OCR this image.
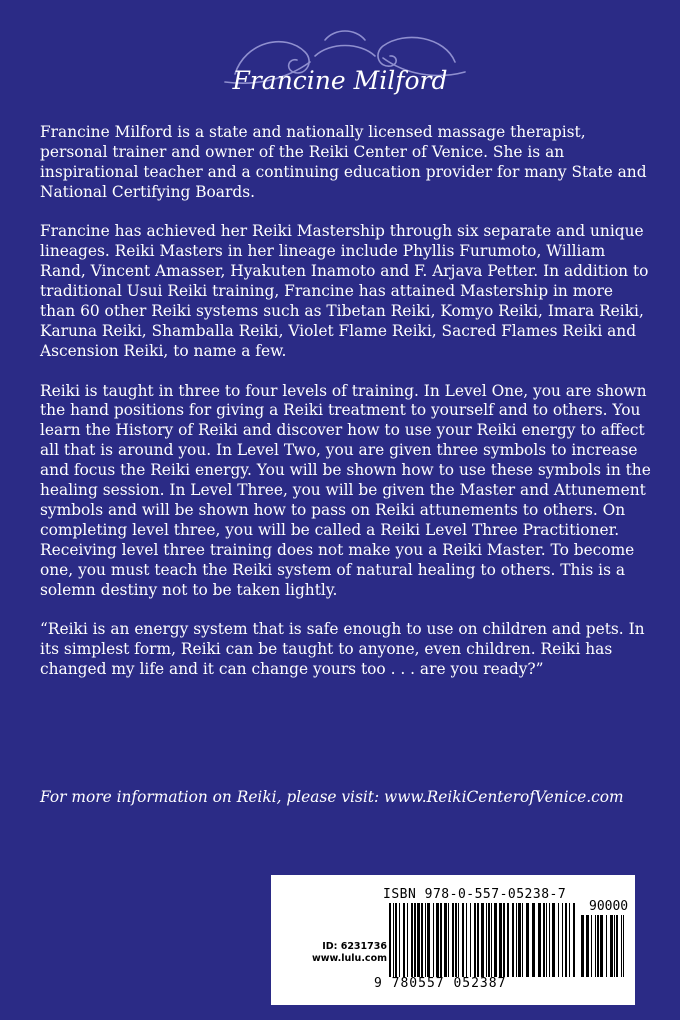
Francine Milford

Francine Milford is a state and nationally licensed massage therapist, personal trainer and owner of the Reiki Center of Venice. She is an inspirational teacher and a continuing education provider for many State and National Certifying Boards.

Francine has achieved her Reiki Mastership through six separate and unique lineages. Reiki Masters in her lineage include Phyllis Furumoto, William Rand, Vincent Amasser, Hyakuten Inamoto and F. Arjava Petter. In addition to traditional Usui Reiki training, Francine has attained Mastership in more than 60 other Reiki systems such as Tibetan Reiki, Komyo Reiki, Imara Reiki, Karuna Reiki, Shamballa Reiki, Violet Flame Reiki, Sacred Flames Reiki and Ascension Reiki, to name a few.

Reiki is taught in three to four levels of training. In Level One, you are shown the hand positions for giving a Reiki treatment to yourself and to others. You learn the History of Reiki and discover how to use your Reiki energy to affect all that is around you. In Level Two, you are given three symbols to increase and focus the Reiki energy. You will be shown how to use these symbols in the healing session. In Level Three, you will be given the Master and Attunement symbols and will be shown how to pass on Reiki attunements to others. On completing level three, you will be called a Reiki Level Three Practitioner. Receiving level three training does not make you a Reiki Master. To become one, you must teach the Reiki system of natural healing to others. This is a solemn destiny not to be taken lightly.

“Reiki is an energy system that is safe enough to use on children and pets. In its simplest form, Reiki can be taught to anyone, even children. Reiki has changed my life and it can change yours too . . . are you ready?”

For more information on Reiki, please visit: www.ReikiCenterofVenice.com
ID: 6231736
www.lulu.com
ISBN 978-0-557-05238-7
90000
9 780557 052387
